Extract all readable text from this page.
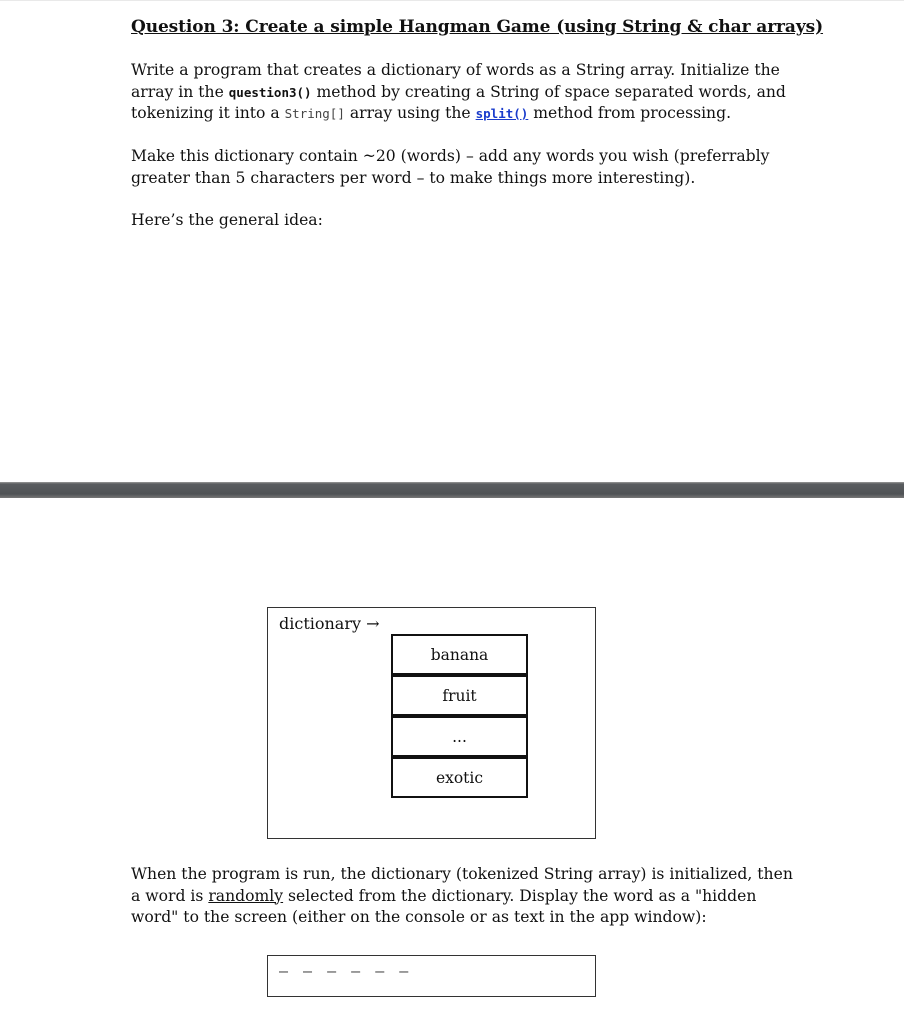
Question 3: Create a simple Hangman Game (using String & char arrays)

Write a program that creates a dictionary of words as a String array. Initialize the array in the question3() method by creating a String of space separated words, and tokenizing it into a String[] array using the split() method from processing.

Make this dictionary contain ~20 (words) – add any words you wish (preferrably greater than 5 characters per word – to make things more interesting).

Here’s the general idea:

dictionary →
banana
fruit
...
exotic

When the program is run, the dictionary (tokenized String array) is initialized, then a word is randomly selected from the dictionary. Display the word as a "hidden word" to the screen (either on the console or as text in the app window):

– – – – – –
